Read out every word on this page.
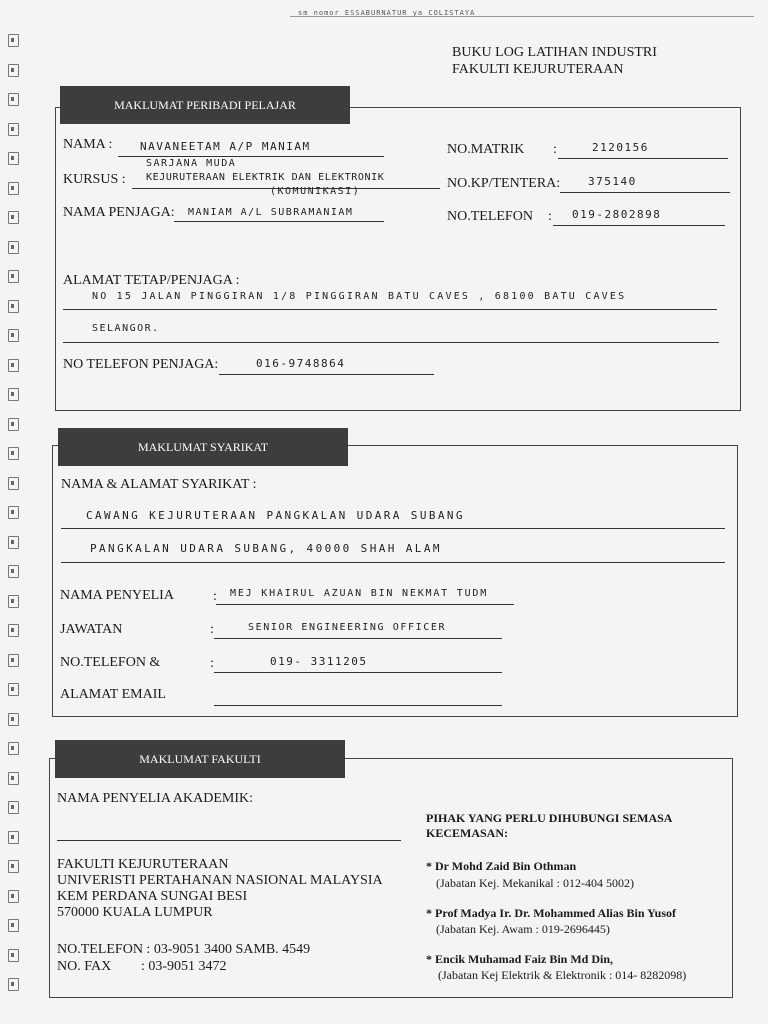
sm nomor ESSABURNATUR ya COLISTAYA
BUKU LOG LATIHAN INDUSTRI
FAKULTI KEJURUTERAAN
MAKLUMAT PERIBADI PELAJAR
NAMA :	NAVANEETAM A/P MANIAM	NO.MATRIK :	2120156
KURSUS :
SARJANA MUDA
KEJURUTERAAN ELEKTRIK DAN ELEKTRONIK
(KOMUNIKASI)
NO.KP/TENTERA:	375140
NAMA PENJAGA: MANIAM A/L SUBRAMANIAM	NO.TELEFON : 019-2802898
ALAMAT TETAP/PENJAGA :
NO 15 JALAN PINGGIRAN 1/8 PINGGIRAN BATU CAVES , 68100 BATU CAVES
SELANGOR.
NO TELEFON PENJAGA:	016-9748864
MAKLUMAT SYARIKAT
NAMA & ALAMAT SYARIKAT :
CAWANG KEJURUTERAAN PANGKALAN UDARA SUBANG
PANGKALAN UDARA SUBANG, 40000 SHAH ALAM
NAMA PENYELIA	: MEJ KHAIRUL AZUAN BIN NEKMAT TUDM
JAWATAN	:	SENIOR ENGINEERING OFFICER
NO.TELEFON &	:	019- 3311205
ALAMAT EMAIL
MAKLUMAT FAKULTI
NAMA PENYELIA AKADEMIK:
FAKULTI KEJURUTERAAN
UNIVERISTI PERTAHANAN NASIONAL MALAYSIA
KEM PERDANA SUNGAI BESI
570000 KUALA LUMPUR
NO.TELEFON : 03-9051 3400 SAMB. 4549
NO. FAX : 03-9051 3472
PIHAK YANG PERLU DIHUBUNGI SEMASA
KECEMASAN:
* Dr Mohd Zaid Bin Othman
(Jabatan Kej. Mekanikal : 012-404 5002)
* Prof Madya Ir. Dr. Mohammed Alias Bin Yusof
(Jabatan Kej. Awam : 019-2696445)
* Encik Muhamad Faiz Bin Md Din,
(Jabatan Kej Elektrik & Elektronik : 014- 8282098)
